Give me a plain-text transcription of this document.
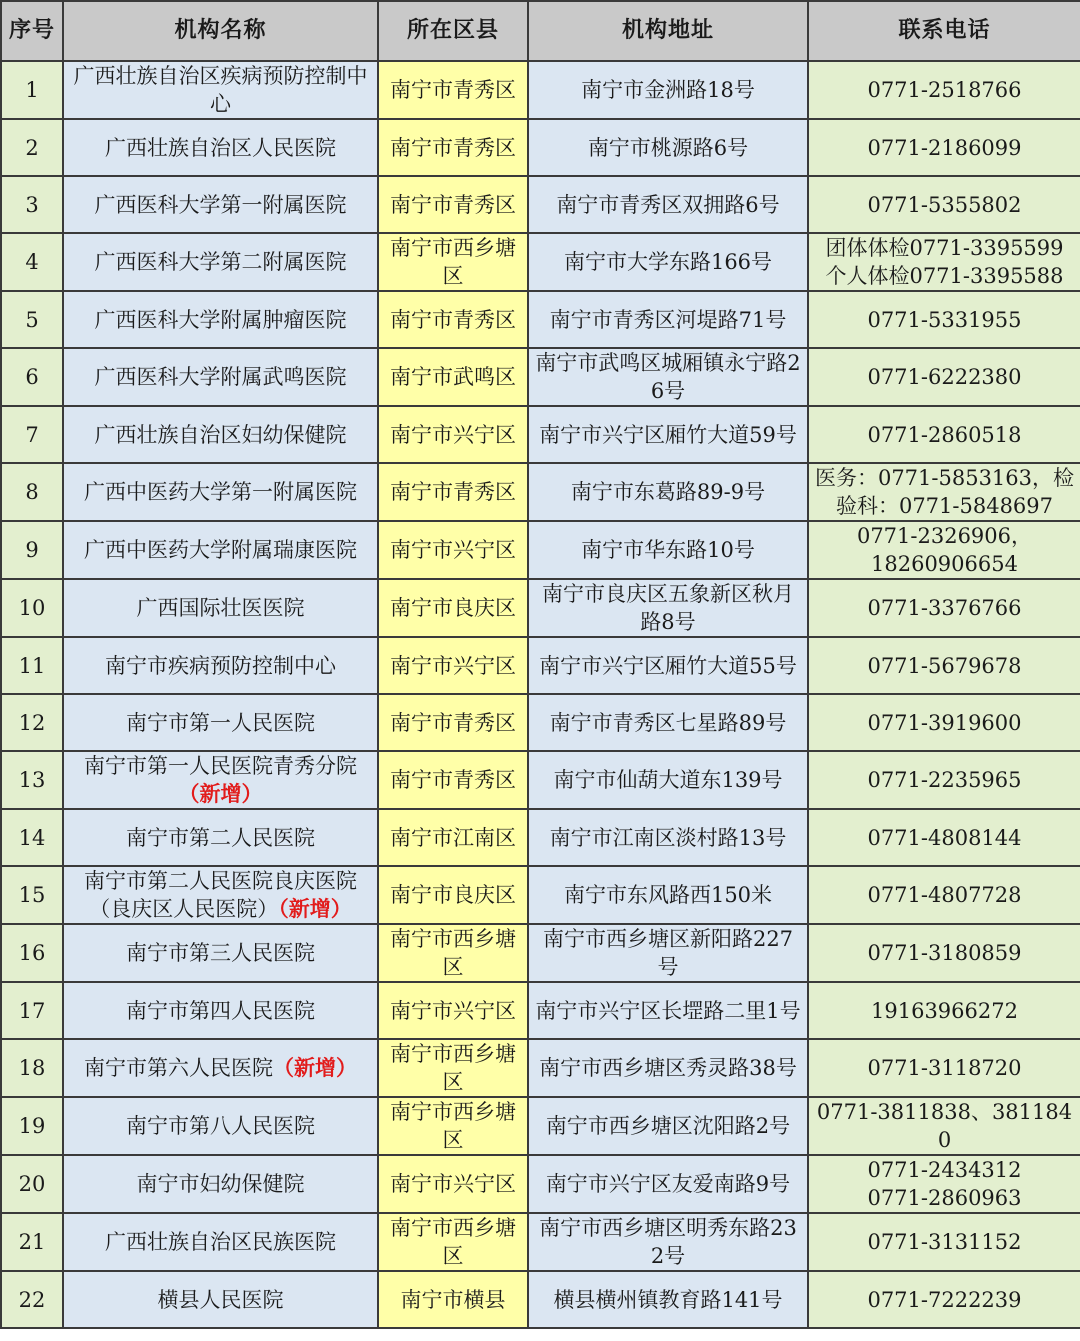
序号	机构名称	所在区县	机构地址	联系电话
1	广西壮族自治区疾病预防控制中心	南宁市青秀区	南宁市金洲路18号	0771-2518766

2	广西壮族自治区人民医院	南宁市青秀区	南宁市桃源路6号	0771-2186099

3	广西医科大学第一附属医院	南宁市青秀区	南宁市青秀区双拥路6号	0771-5355802

4	广西医科大学第二附属医院	南宁市西乡塘区	南宁市大学东路166号	团体体检0771-3395599
个人体检0771-3395588

5	广西医科大学附属肿瘤医院	南宁市青秀区	南宁市青秀区河堤路71号	0771-5331955

6	广西医科大学附属武鸣医院	南宁市武鸣区	南宁市武鸣区城厢镇永宁路26号	0771-6222380

7	广西壮族自治区妇幼保健院	南宁市兴宁区	南宁市兴宁区厢竹大道59号	0771-2860518

8	广西中医药大学第一附属医院	南宁市青秀区	南宁市东葛路89-9号	医务：0771-5853163，检验科：0771-5848697

9	广西中医药大学附属瑞康医院	南宁市兴宁区	南宁市华东路10号	0771-2326906，
18260906654

10	广西国际壮医医院	南宁市良庆区	南宁市良庆区五象新区秋月路8号	0771-3376766

11	南宁市疾病预防控制中心	南宁市兴宁区	南宁市兴宁区厢竹大道55号	0771-5679678

12	南宁市第一人民医院	南宁市青秀区	南宁市青秀区七星路89号	0771-3919600

13	南宁市第一人民医院青秀分院（新增）	南宁市青秀区	南宁市仙葫大道东139号	0771-2235965

14	南宁市第二人民医院	南宁市江南区	南宁市江南区淡村路13号	0771-4808144

15	南宁市第二人民医院良庆医院（良庆区人民医院）（新增）	南宁市良庆区	南宁市东风路西150米	0771-4807728

16	南宁市第三人民医院	南宁市西乡塘区	南宁市西乡塘区新阳路227号	0771-3180859

17	南宁市第四人民医院	南宁市兴宁区	南宁市兴宁区长堽路二里1号	19163966272

18	南宁市第六人民医院（新增）	南宁市西乡塘区	南宁市西乡塘区秀灵路38号	0771-3118720

19	南宁市第八人民医院	南宁市西乡塘区	南宁市西乡塘区沈阳路2号	0771-3811838、3811840

20	南宁市妇幼保健院	南宁市兴宁区	南宁市兴宁区友爱南路9号	0771-2434312
0771-2860963

21	广西壮族自治区民族医院	南宁市西乡塘区	南宁市西乡塘区明秀东路232号	0771-3131152

22	横县人民医院	南宁市横县	横县横州镇教育路141号	0771-7222239
